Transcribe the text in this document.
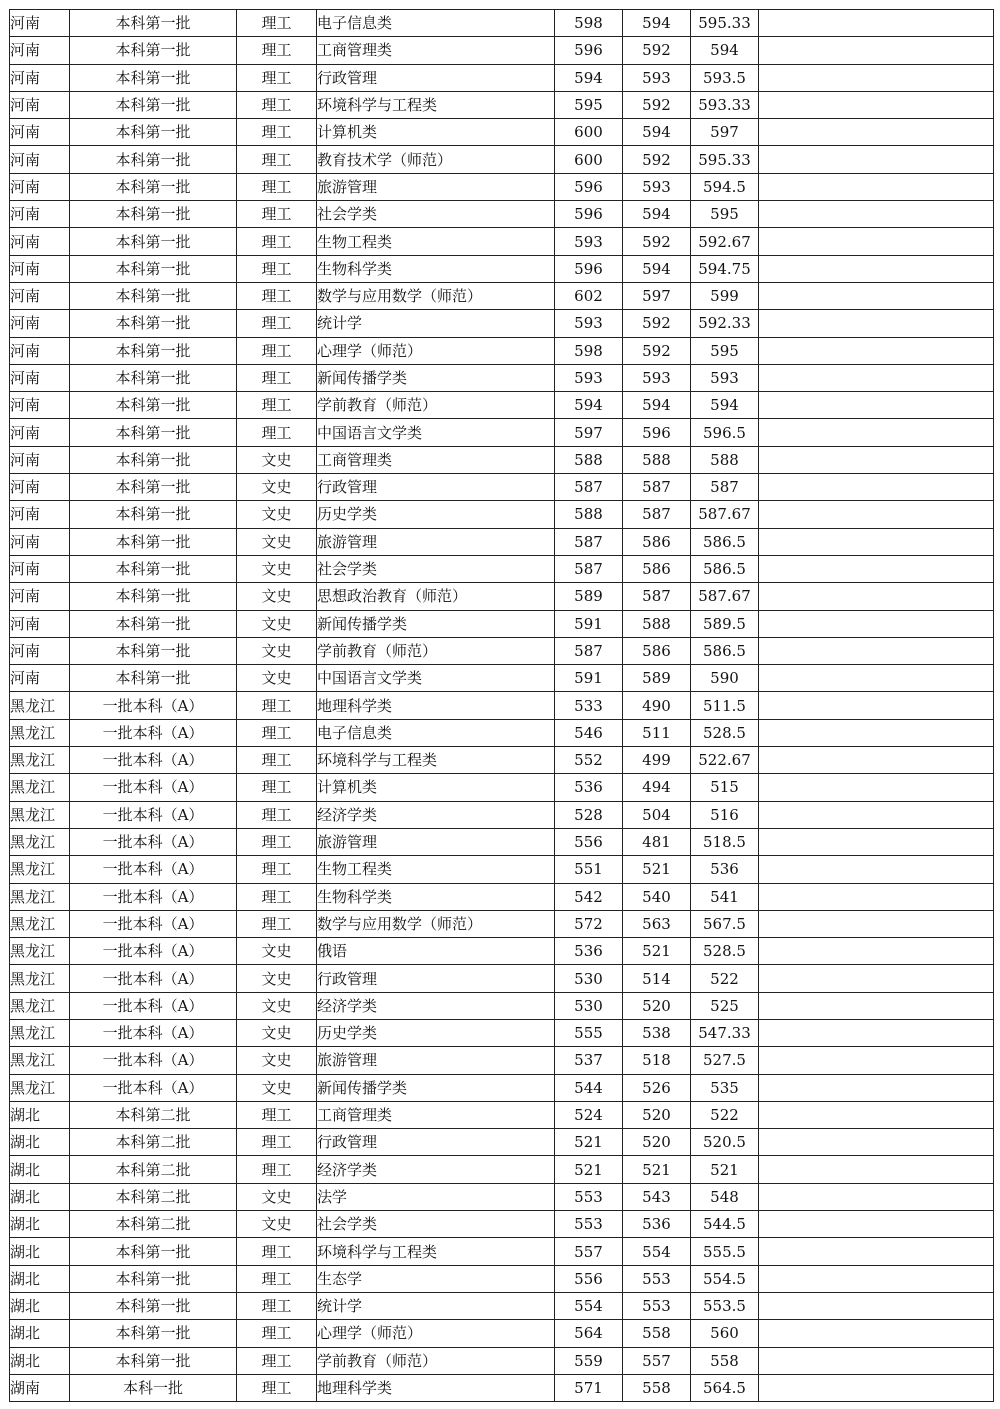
河南	本科第一批	理工	电子信息类	598	594	595.33	
河南	本科第一批	理工	工商管理类	596	592	594	
河南	本科第一批	理工	行政管理	594	593	593.5	
河南	本科第一批	理工	环境科学与工程类	595	592	593.33	
河南	本科第一批	理工	计算机类	600	594	597	
河南	本科第一批	理工	教育技术学（师范）	600	592	595.33	
河南	本科第一批	理工	旅游管理	596	593	594.5	
河南	本科第一批	理工	社会学类	596	594	595	
河南	本科第一批	理工	生物工程类	593	592	592.67	
河南	本科第一批	理工	生物科学类	596	594	594.75	
河南	本科第一批	理工	数学与应用数学（师范）	602	597	599	
河南	本科第一批	理工	统计学	593	592	592.33	
河南	本科第一批	理工	心理学（师范）	598	592	595	
河南	本科第一批	理工	新闻传播学类	593	593	593	
河南	本科第一批	理工	学前教育（师范）	594	594	594	
河南	本科第一批	理工	中国语言文学类	597	596	596.5	
河南	本科第一批	文史	工商管理类	588	588	588	
河南	本科第一批	文史	行政管理	587	587	587	
河南	本科第一批	文史	历史学类	588	587	587.67	
河南	本科第一批	文史	旅游管理	587	586	586.5	
河南	本科第一批	文史	社会学类	587	586	586.5	
河南	本科第一批	文史	思想政治教育（师范）	589	587	587.67	
河南	本科第一批	文史	新闻传播学类	591	588	589.5	
河南	本科第一批	文史	学前教育（师范）	587	586	586.5	
河南	本科第一批	文史	中国语言文学类	591	589	590	
黑龙江	一批本科（A）	理工	地理科学类	533	490	511.5	
黑龙江	一批本科（A）	理工	电子信息类	546	511	528.5	
黑龙江	一批本科（A）	理工	环境科学与工程类	552	499	522.67	
黑龙江	一批本科（A）	理工	计算机类	536	494	515	
黑龙江	一批本科（A）	理工	经济学类	528	504	516	
黑龙江	一批本科（A）	理工	旅游管理	556	481	518.5	
黑龙江	一批本科（A）	理工	生物工程类	551	521	536	
黑龙江	一批本科（A）	理工	生物科学类	542	540	541	
黑龙江	一批本科（A）	理工	数学与应用数学（师范）	572	563	567.5	
黑龙江	一批本科（A）	文史	俄语	536	521	528.5	
黑龙江	一批本科（A）	文史	行政管理	530	514	522	
黑龙江	一批本科（A）	文史	经济学类	530	520	525	
黑龙江	一批本科（A）	文史	历史学类	555	538	547.33	
黑龙江	一批本科（A）	文史	旅游管理	537	518	527.5	
黑龙江	一批本科（A）	文史	新闻传播学类	544	526	535	
湖北	本科第二批	理工	工商管理类	524	520	522	
湖北	本科第二批	理工	行政管理	521	520	520.5	
湖北	本科第二批	理工	经济学类	521	521	521	
湖北	本科第二批	文史	法学	553	543	548	
湖北	本科第二批	文史	社会学类	553	536	544.5	
湖北	本科第一批	理工	环境科学与工程类	557	554	555.5	
湖北	本科第一批	理工	生态学	556	553	554.5	
湖北	本科第一批	理工	统计学	554	553	553.5	
湖北	本科第一批	理工	心理学（师范）	564	558	560	
湖北	本科第一批	理工	学前教育（师范）	559	557	558	
湖南	本科一批	理工	地理科学类	571	558	564.5	
